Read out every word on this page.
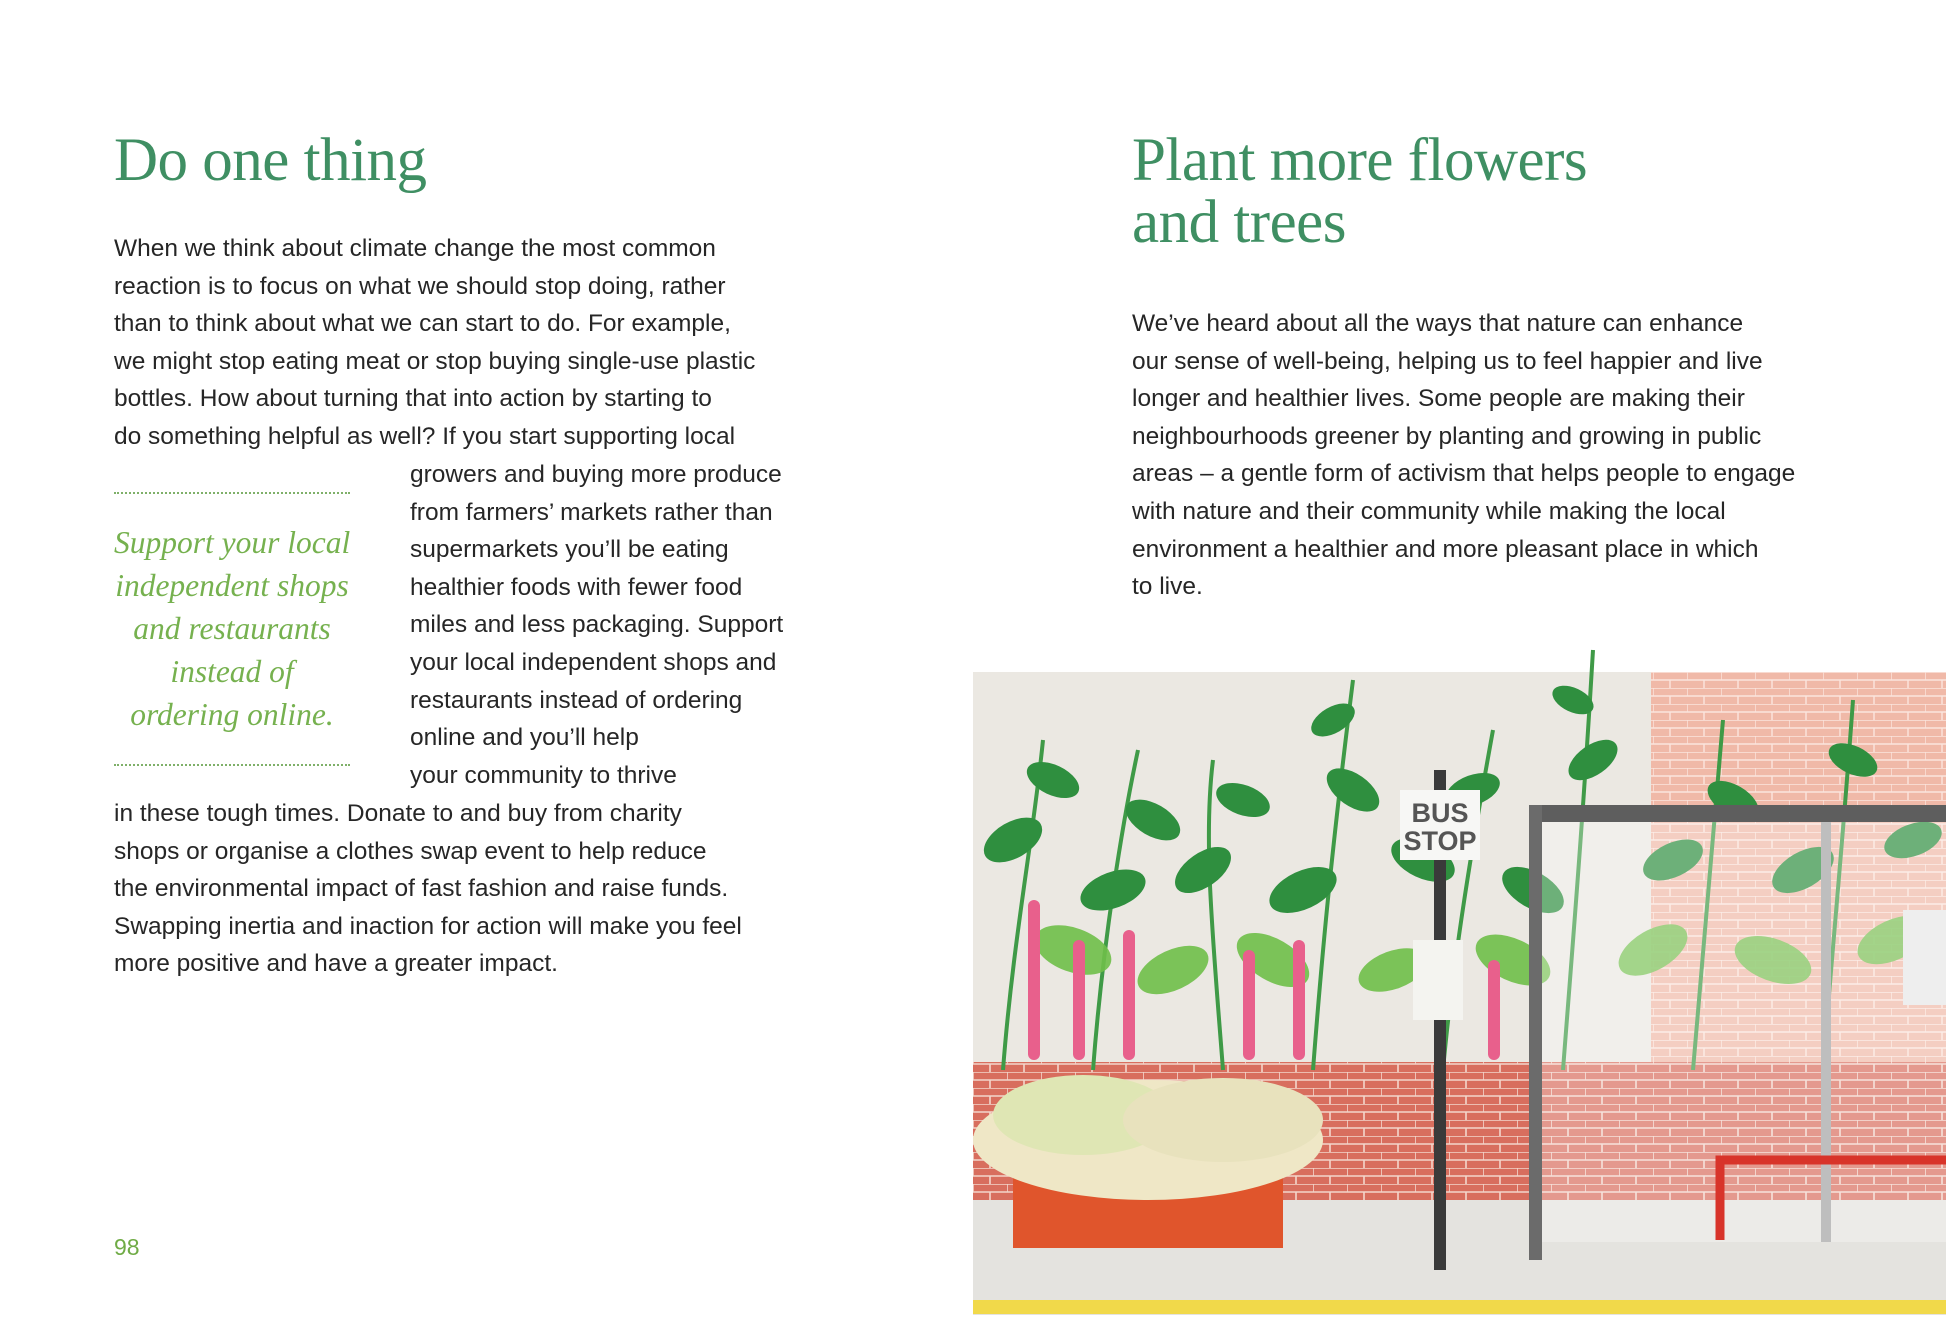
Do one thing

When we think about climate change the most common
reaction is to focus on what we should stop doing, rather
than to think about what we can start to do. For example,
we might stop eating meat or stop buying single-use plastic
bottles. How about turning that into action by starting to
do something helpful as well? If you start supporting local

growers and buying more produce
from farmers’ markets rather than
supermarkets you’ll be eating
healthier foods with fewer food
miles and less packaging. Support
your local independent shops and
restaurants instead of ordering
online and you’ll help
your community to thrive

in these tough times. Donate to and buy from charity
shops or organise a clothes swap event to help reduce
the environmental impact of fast fashion and raise funds.
Swapping inertia and inaction for action will make you feel
more positive and have a greater impact.

Support your local
independent shops
and restaurants
instead of
ordering online.

98
Plant more flowers
and trees

We’ve heard about all the ways that nature can enhance
our sense of well-being, helping us to feel happier and live
longer and healthier lives. Some people are making their
neighbourhoods greener by planting and growing in public
areas – a gentle form of activism that helps people to engage
with nature and their community while making the local
environment a healthier and more pleasant place in which
to live.

BUS
STOP
